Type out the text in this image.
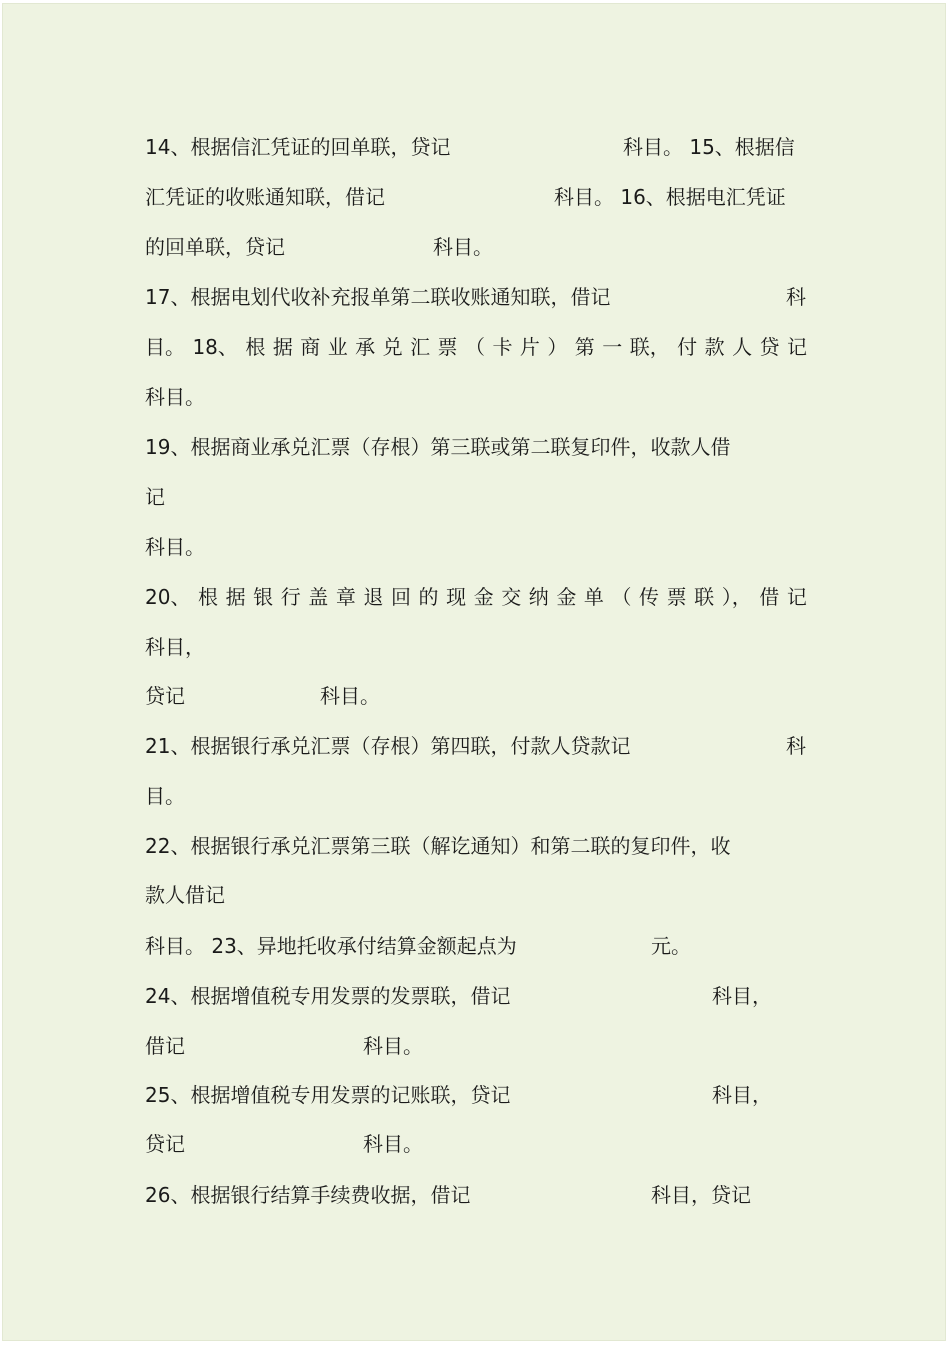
14、根据信汇凭证的回单联，贷记	科目。 15、根据信
汇凭证的收账通知联，借记	科目。 16、根据电汇凭证
的回单联，贷记	科目。
17、根据电划代收补充报单第二联收账通知联，借记	科
目。 18、 根 据 商 业 承 兑 汇 票 （ 卡 片 ） 第 一 联， 付 款 人 贷 记
科目。
19、根据商业承兑汇票（存根）第三联或第二联复印件，收款人借
记
科目。
20、 根 据 银 行 盖 章 退 回 的 现 金 交 纳 金 单 （ 传 票 联 ）， 借 记
科目，
贷记	科目。
21、根据银行承兑汇票（存根）第四联，付款人贷款记	科
目。
22、根据银行承兑汇票第三联（解讫通知）和第二联的复印件，收
款人借记
科目。 23、异地托收承付结算金额起点为	元。
24、根据增值税专用发票的发票联，借记	科目，
借记	科目。
25、根据增值税专用发票的记账联，贷记	科目，
贷记	科目。
26、根据银行结算手续费收据，借记	科目，贷记
